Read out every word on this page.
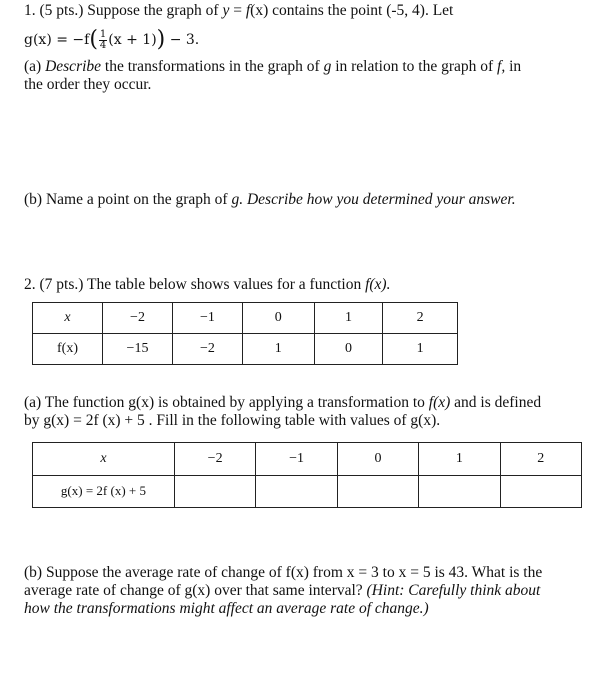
1. (5 pts.) Suppose the graph of y = f(x) contains the point (-5, 4). Let
$g(x) = -f( \frac{1}{4} (x + 1)) - 3$.
(a) Describe the transformations in the graph of g in relation to the graph of f, in
the order they occur.
(b) Name a point on the graph of g. Describe how you determined your answer.
2. (7 pts.) The table below shows values for a function f(x).
x	−2	−1	0	1	2
f(x)	−15	−2	1	0	1
(a) The function g(x) is obtained by applying a transformation to f(x) and is defined
by g(x) = 2f (x) + 5 . Fill in the following table with values of g(x).
x	−2	−1	0	1	2
g(x) = 2f (x) + 5					
(b) Suppose the average rate of change of f(x) from x = 3 to x = 5 is 43. What is the
average rate of change of g(x) over that same interval? (Hint: Carefully think about
how the transformations might affect an average rate of change.)
